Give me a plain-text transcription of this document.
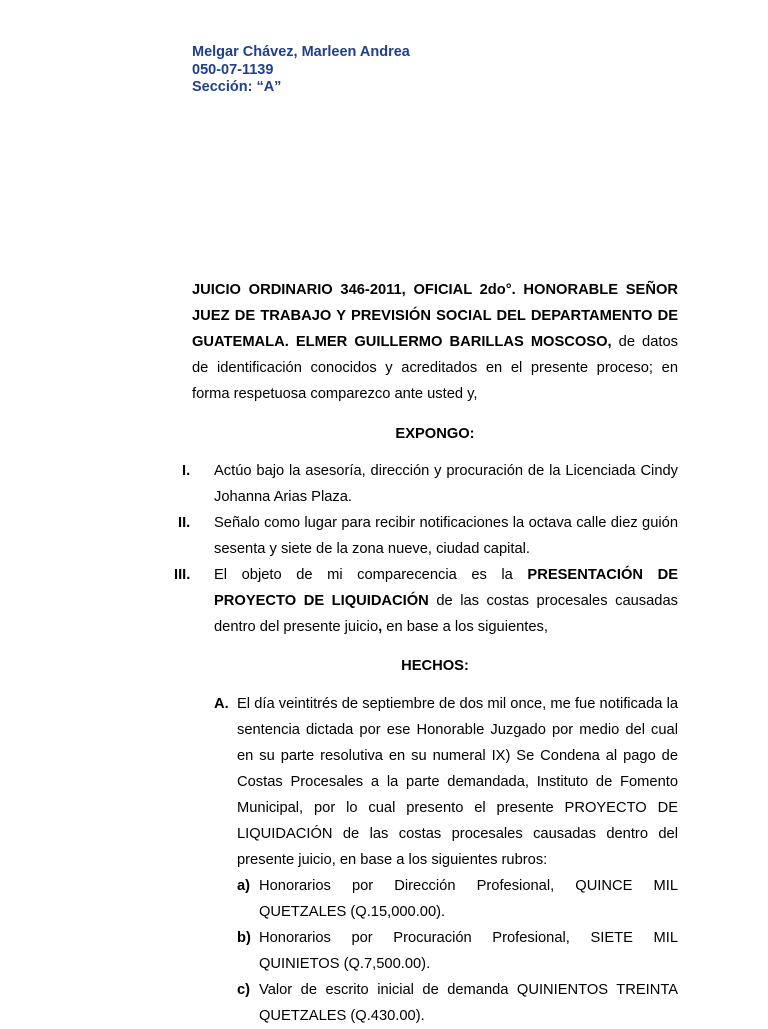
Melgar Chávez, Marleen Andrea
050-07-1139
Sección: “A”
JUICIO ORDINARIO 346-2011, OFICIAL 2do°. HONORABLE SEÑOR JUEZ DE TRABAJO Y PREVISIÓN SOCIAL DEL DEPARTAMENTO DE GUATEMALA. ELMER GUILLERMO BARILLAS MOSCOSO, de datos de identificación conocidos y acreditados en el presente proceso; en forma respetuosa comparezco ante usted y,
EXPONGO:
I.	Actúo bajo la asesoría, dirección y procuración de la Licenciada Cindy Johanna Arias Plaza.
II.	Señalo como lugar para recibir notificaciones la octava calle diez guión sesenta y siete de la zona nueve, ciudad capital.
III.	El objeto de mi comparecencia es la PRESENTACIÓN DE PROYECTO DE LIQUIDACIÓN de las costas procesales causadas dentro del presente juicio, en base a los siguientes,
HECHOS:
A. El día veintitrés de septiembre de dos mil once, me fue notificada la sentencia dictada por ese Honorable Juzgado por medio del cual en su parte resolutiva en su numeral IX) Se Condena al pago de Costas Procesales a la parte demandada, Instituto de Fomento Municipal, por lo cual presento el presente PROYECTO DE LIQUIDACIÓN de las costas procesales causadas dentro del presente juicio, en base a los siguientes rubros:
a) Honorarios por Dirección Profesional, QUINCE MIL QUETZALES (Q.15,000.00).
b) Honorarios por Procuración Profesional, SIETE MIL QUINIETOS (Q.7,500.00).
c) Valor de escrito inicial de demanda QUINIENTOS TREINTA QUETZALES (Q.430.00).
